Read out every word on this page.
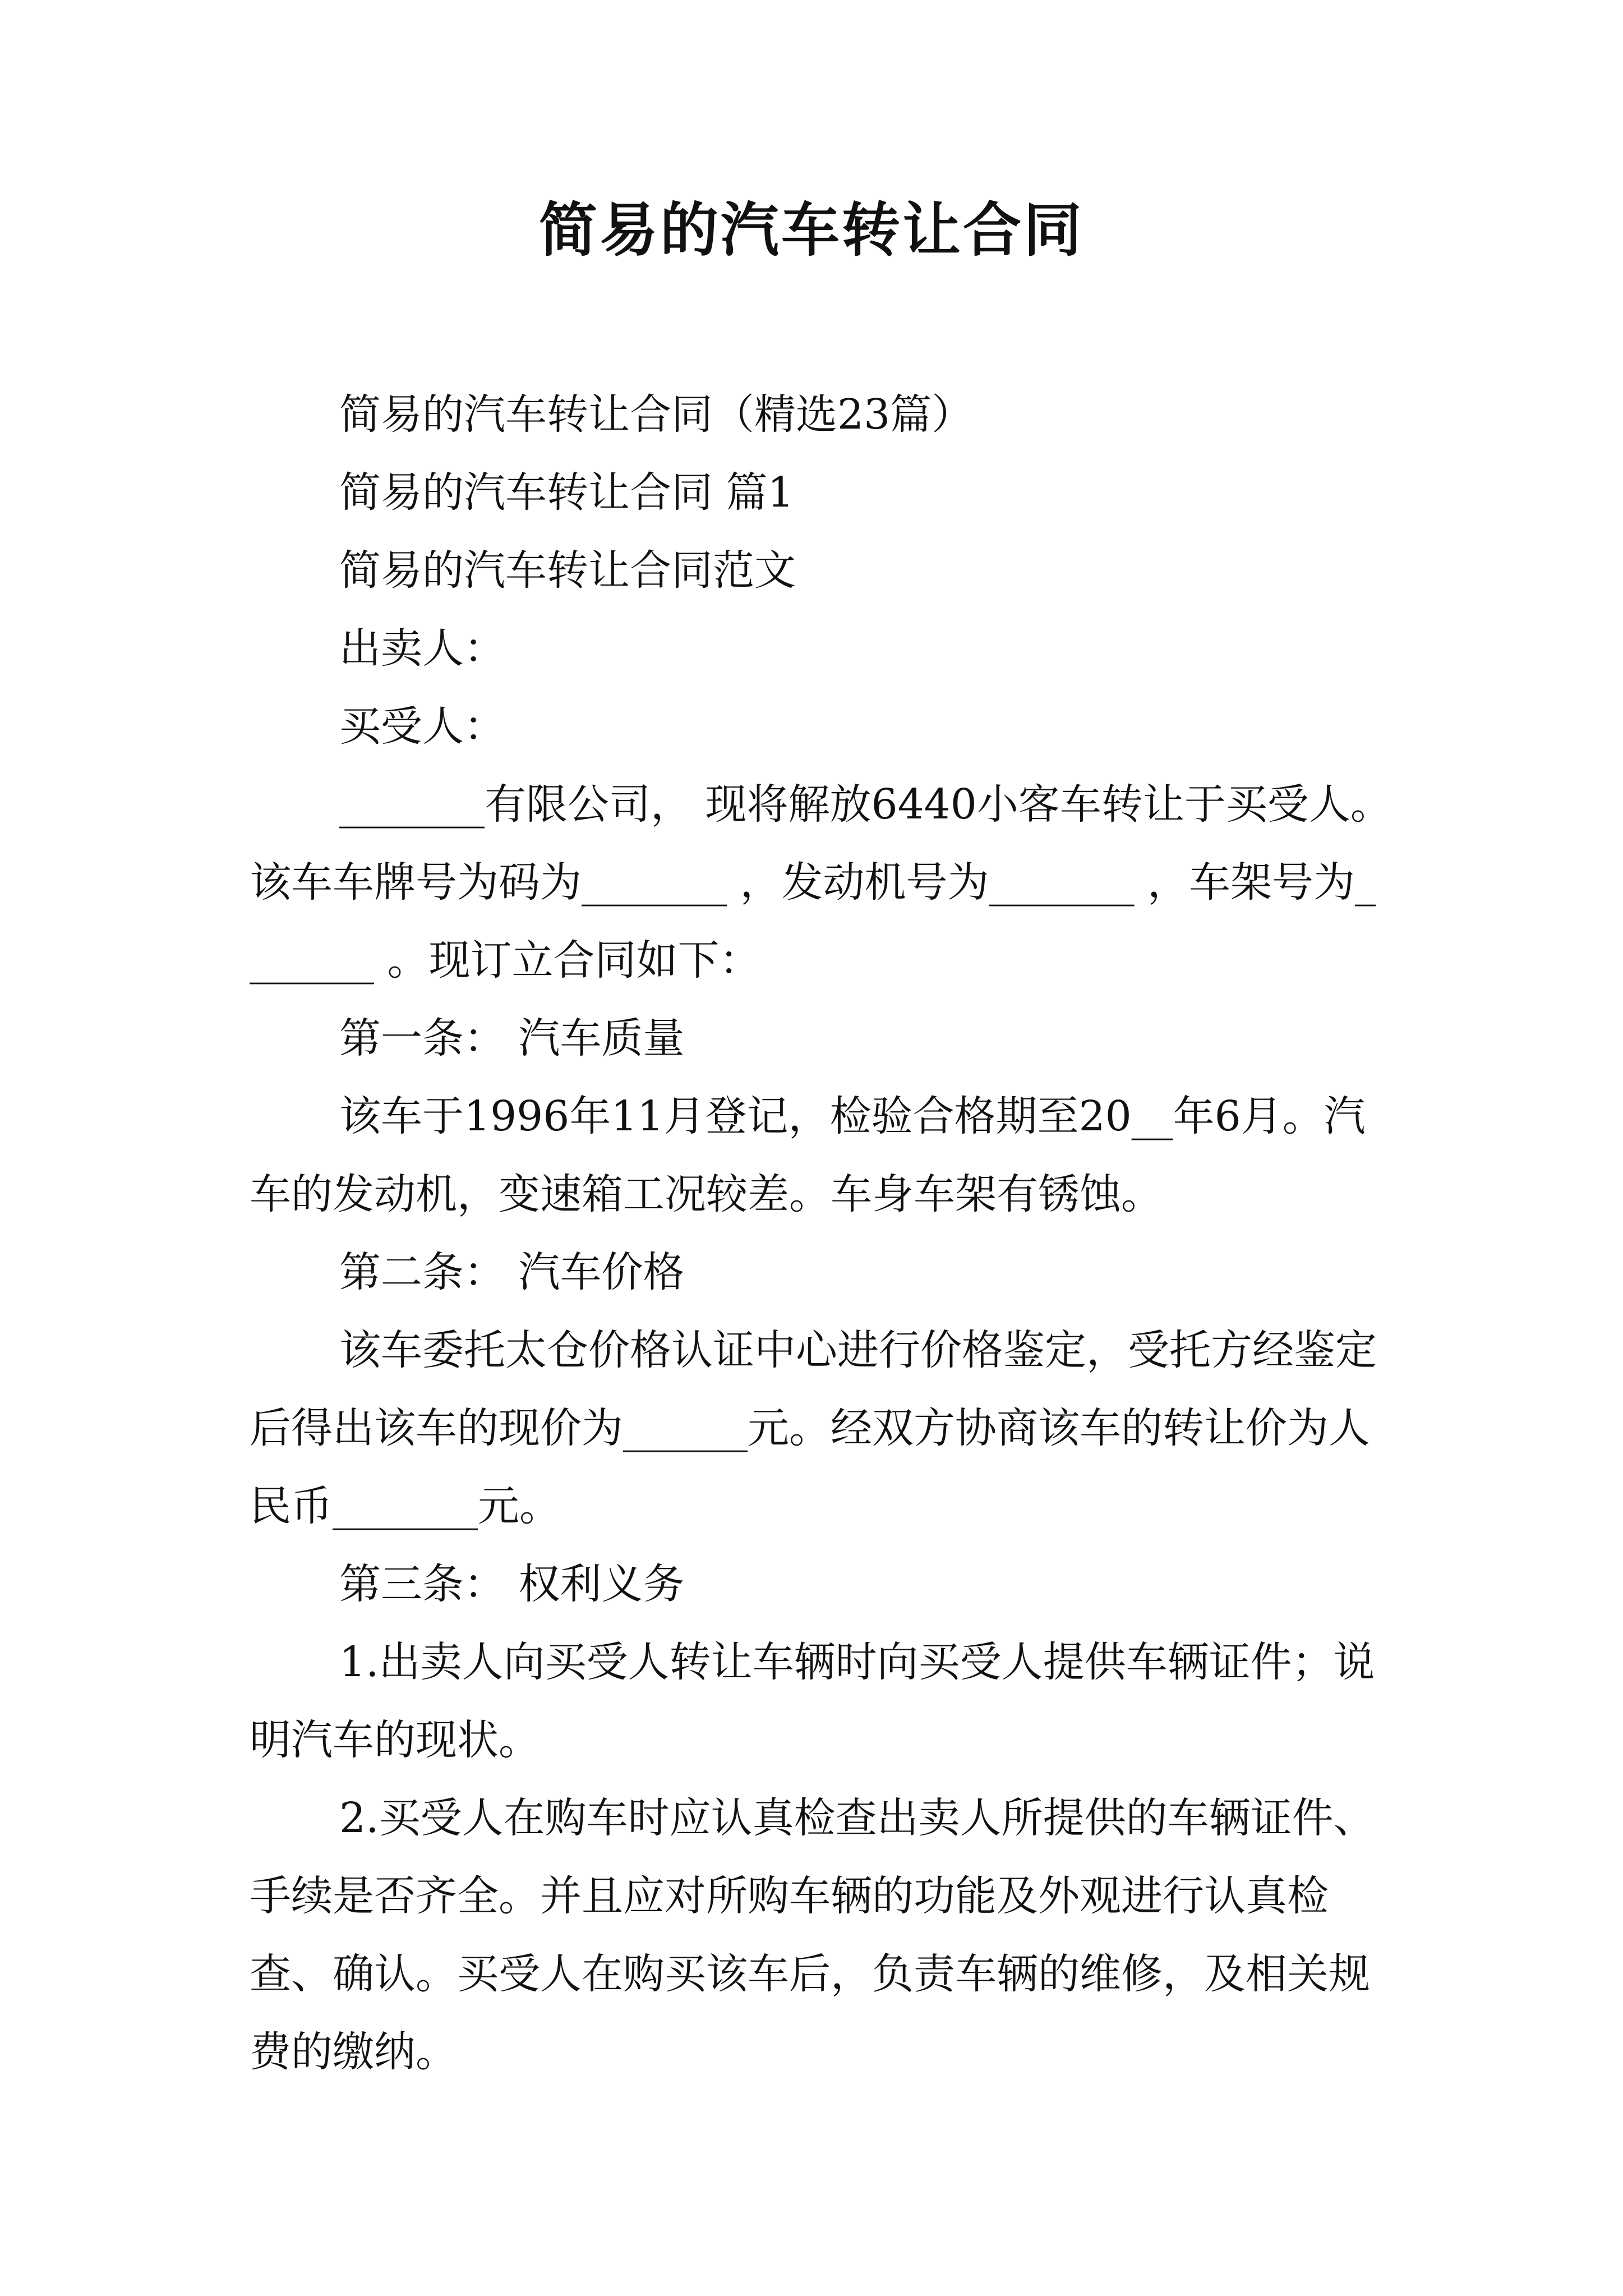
简易的汽车转让合同

简易的汽车转让合同（精选23篇）

简易的汽车转让合同 篇1

简易的汽车转让合同范文

出卖人：

买受人：

_______有限公司， 现将解放6440小客车转让于买受人。该车车牌号为码为_______ ，发动机号为_______ ，车架号为_______ 。现订立合同如下：

第一条： 汽车质量

该车于1996年11月登记，检验合格期至20__年6月。汽车的发动机，变速箱工况较差。车身车架有锈蚀。

第二条： 汽车价格

该车委托太仓价格认证中心进行价格鉴定，受托方经鉴定后得出该车的现价为______元。经双方协商该车的转让价为人民币_______元。

第三条： 权利义务

1.出卖人向买受人转让车辆时向买受人提供车辆证件；说明汽车的现状。

2.买受人在购车时应认真检查出卖人所提供的车辆证件、手续是否齐全。并且应对所购车辆的功能及外观进行认真检查、确认。买受人在购买该车后，负责车辆的维修，及相关规费的缴纳。
